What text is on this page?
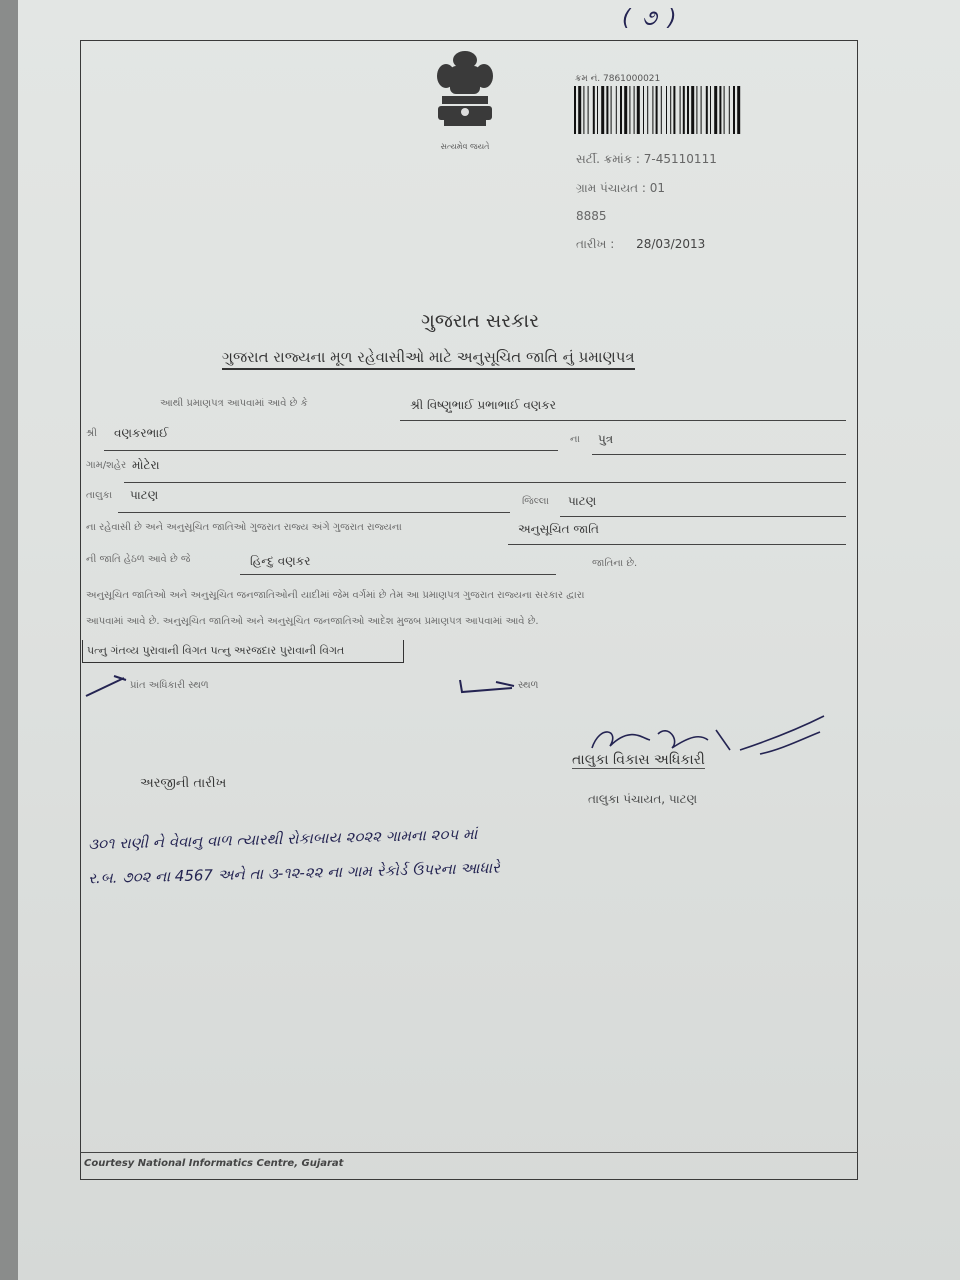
( ૭ )
સત્યમેવ જયતે
ક્રમ નં. 7861000021
સર્ટી. ક્રમાંક : 7-45110111
ગ્રામ પંચાયત : 01
8885
તારીખ : 28/03/2013
ગુજરાત સરકાર
ગુજરાત રાજ્યના મૂળ રહેવાસીઓ માટે અનુસૂચિત જાતિ નું પ્રમાણપત્ર
આથી પ્રમાણપત્ર આપવામાં આવે છે કે	શ્રી વિષ્ણુભાઈ પ્રભાભાઈ વણકર
શ્રી વણકરભાઈ	ના પુત્ર
ગામ/શહેર મોટેરા
તાલુકા પાટણ	જિલ્લા પાટણ
ના રહેવાસી છે અને અનુસૂચિત જાતિઓ ગુજરાત રાજ્ય અંગે ગુજરાત રાજ્યના	અનુસૂચિત જાતિ
ની જાતિ હેઠળ આવે છે જે	હિન્દુ વણકર	જાતિના છે.
અનુસૂચિત જાતિઓ અને અનુસૂચિત જનજાતિઓની યાદીમાં જેમ વર્ગમાં છે તેમ આ પ્રમાણપત્ર ગુજરાત રાજ્યના સરકાર દ્વારા
આપવામાં આવે છે. અનુસૂચિત જાતિઓ અને અનુસૂચિત જનજાતિઓ આદેશ મુજબ પ્રમાણપત્ર આપવામાં આવે છે.
પત્નુ ગંતવ્ય પુરાવાની વિગત પત્નુ અરજદાર પુરાવાની વિગત
પ્રાંત અધિકારી સ્થળ	સ્થળ
તાલુકા વિકાસ અધિકારી
તાલુકા પંચાયત, પાટણ
અરજીની તારીખ
૩૦૧ રાણી ને વેવાનુ વાળ ત્યારથી રોકાબાય ૨૦૨૨ ગામના ૨૦૫ માં
ર.બ. ૭૦૨ ના 4567 અને તા ૩-૧૨-૨૨ ના ગામ રેકોર્ડ ઉપરના આધારે
Courtesy National Informatics Centre, Gujarat
